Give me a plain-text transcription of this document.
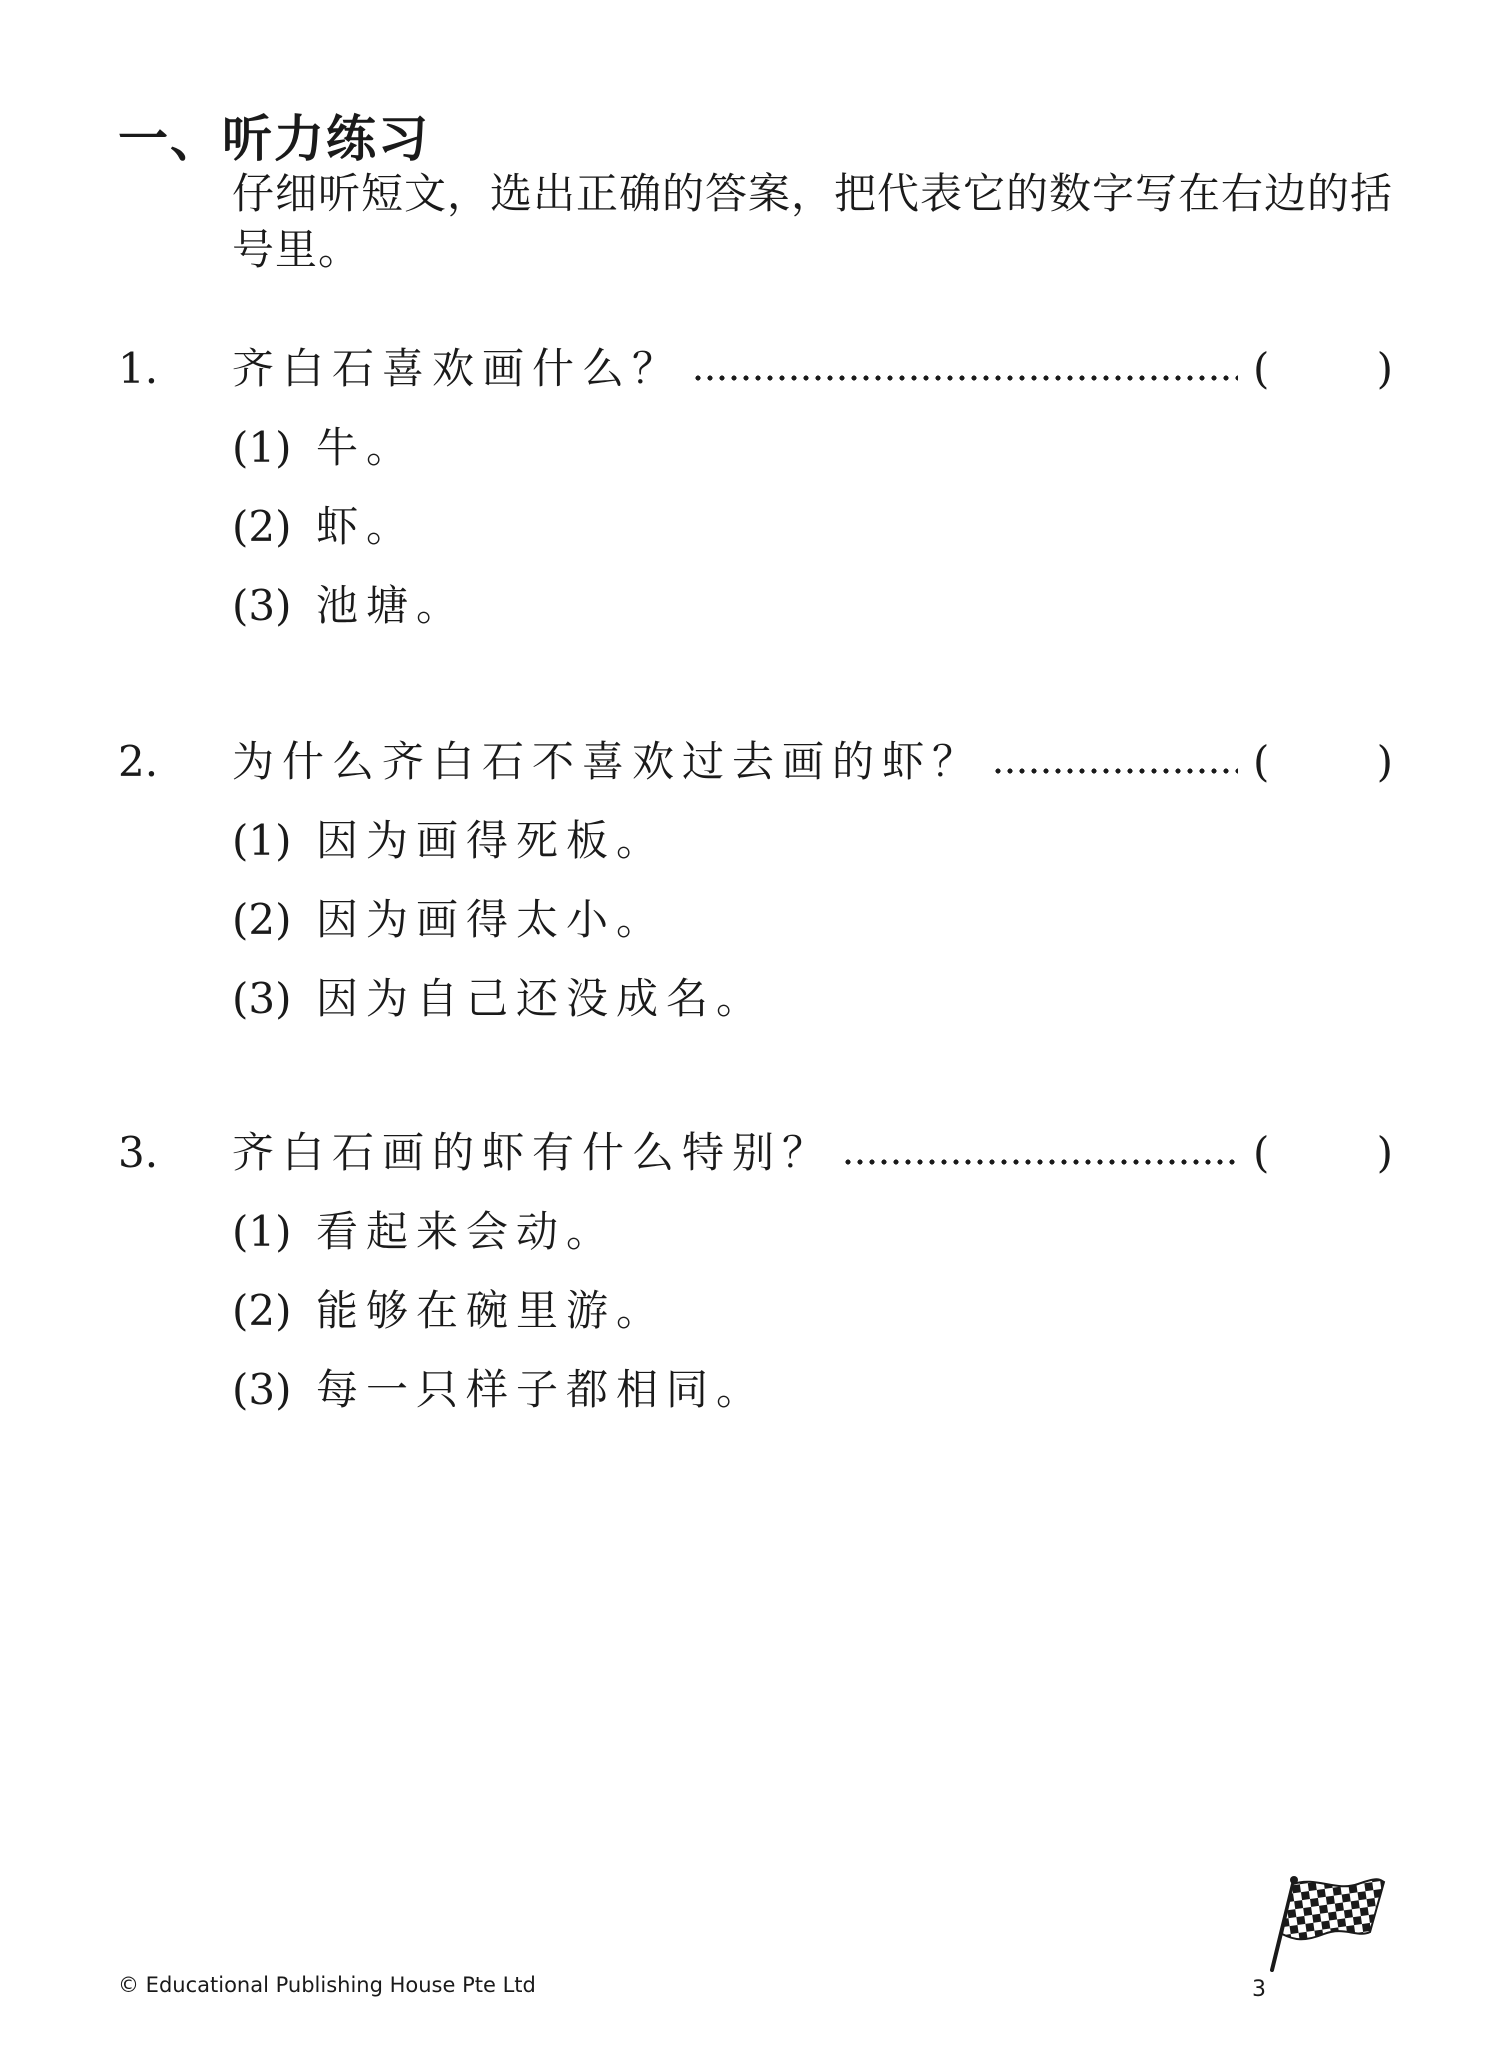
一、听力练习

仔细听短文，选出正确的答案，把代表它的数字写在右边的括号里。

1. 齐白石喜欢画什么？	(	)
(1) 牛。
(2) 虾。
(3) 池塘。
2. 为什么齐白石不喜欢过去画的虾？	(	)
(1) 因为画得死板。
(2) 因为画得太小。
(3) 因为自己还没成名。
3. 齐白石画的虾有什么特别？	(	)
(1) 看起来会动。
(2) 能够在碗里游。
(3) 每一只样子都相同。

© Educational Publishing House Pte Ltd	3
